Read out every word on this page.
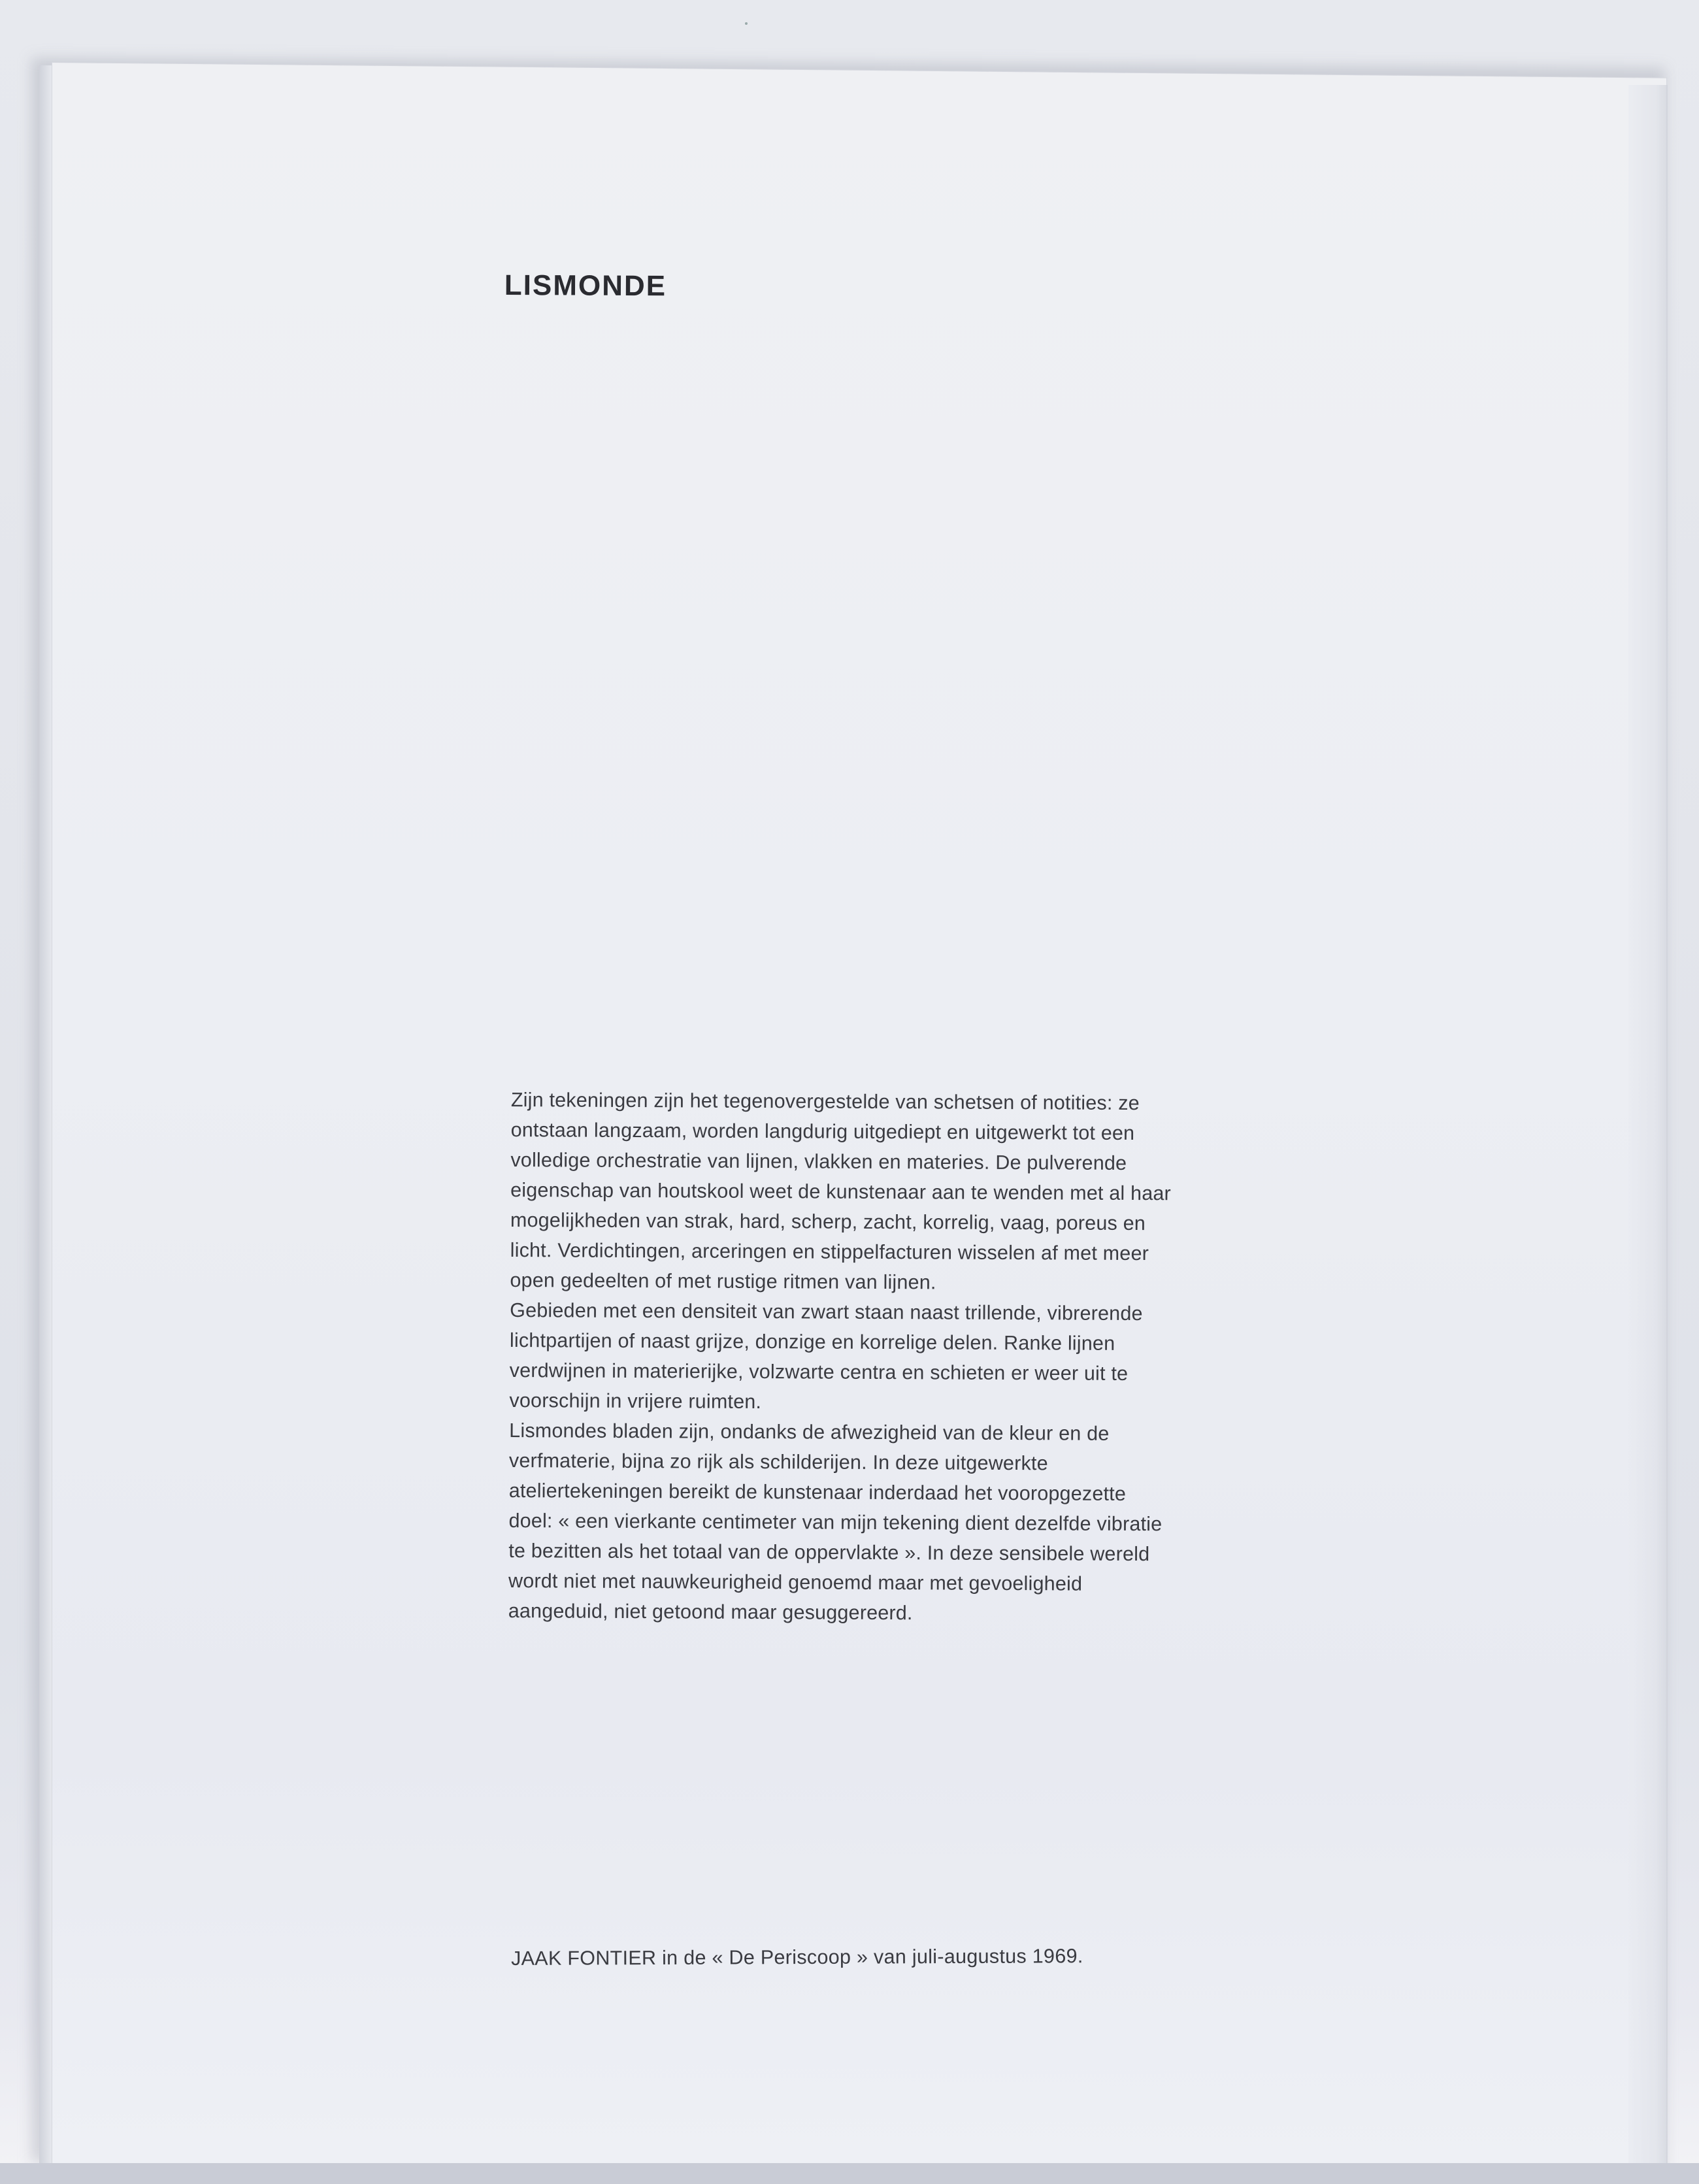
LISMONDE
Zijn tekeningen zijn het tegenovergestelde van schetsen of notities: ze
ontstaan langzaam, worden langdurig uitgediept en uitgewerkt tot een
volledige orchestratie van lijnen, vlakken en materies. De pulverende
eigenschap van houtskool weet de kunstenaar aan te wenden met al haar
mogelijkheden van strak, hard, scherp, zacht, korrelig, vaag, poreus en
licht. Verdichtingen, arceringen en stippelfacturen wisselen af met meer
open gedeelten of met rustige ritmen van lijnen.
Gebieden met een densiteit van zwart staan naast trillende, vibrerende
lichtpartijen of naast grijze, donzige en korrelige delen. Ranke lijnen
verdwijnen in materierijke, volzwarte centra en schieten er weer uit te
voorschijn in vrijere ruimten.
Lismondes bladen zijn, ondanks de afwezigheid van de kleur en de
verfmaterie, bijna zo rijk als schilderijen. In deze uitgewerkte
ateliertekeningen bereikt de kunstenaar inderdaad het vooropgezette
doel: « een vierkante centimeter van mijn tekening dient dezelfde vibratie
te bezitten als het totaal van de oppervlakte ». In deze sensibele wereld
wordt niet met nauwkeurigheid genoemd maar met gevoeligheid
aangeduid, niet getoond maar gesuggereerd.

JAAK FONTIER in de « De Periscoop » van juli-augustus 1969.
